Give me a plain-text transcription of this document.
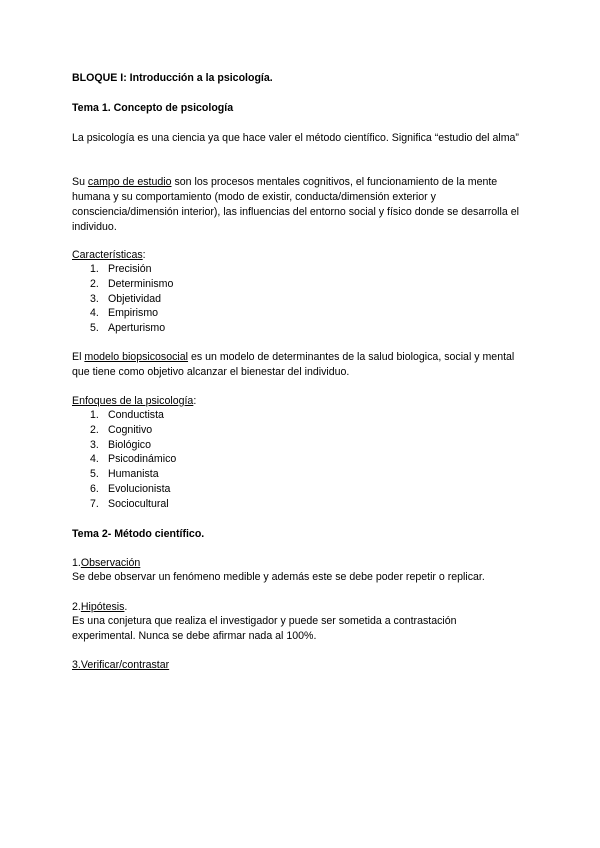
BLOQUE I: Introducción a la psicología.

Tema 1. Concepto de psicología

La psicología es una ciencia ya que hace valer el método científico. Significa “estudio del alma”

Su campo de estudio son los procesos mentales cognitivos, el funcionamiento de la mente humana y su comportamiento (modo de existir, conducta/dimensión exterior y consciencia/dimensión interior), las influencias del entorno social y físico donde se desarrolla el individuo.

Características:

1. Precisión
2. Determinismo
3. Objetividad
4. Empirismo
5. Aperturismo

El modelo biopsicosocial es un modelo de determinantes de la salud biologica, social y mental que tiene como objetivo alcanzar el bienestar del individuo.

Enfoques de la psicología:

1. Conductista
2. Cognitivo
3. Biológico
4. Psicodinámico
5. Humanista
6. Evolucionista
7. Sociocultural

Tema 2- Método científico.

1.Observación

Se debe observar un fenómeno medible y además este se debe poder repetir o replicar.

2.Hipótesis.

Es una conjetura que realiza el investigador y puede ser sometida a contrastación experimental. Nunca se debe afirmar nada al 100%.

3.Verificar/contrastar
